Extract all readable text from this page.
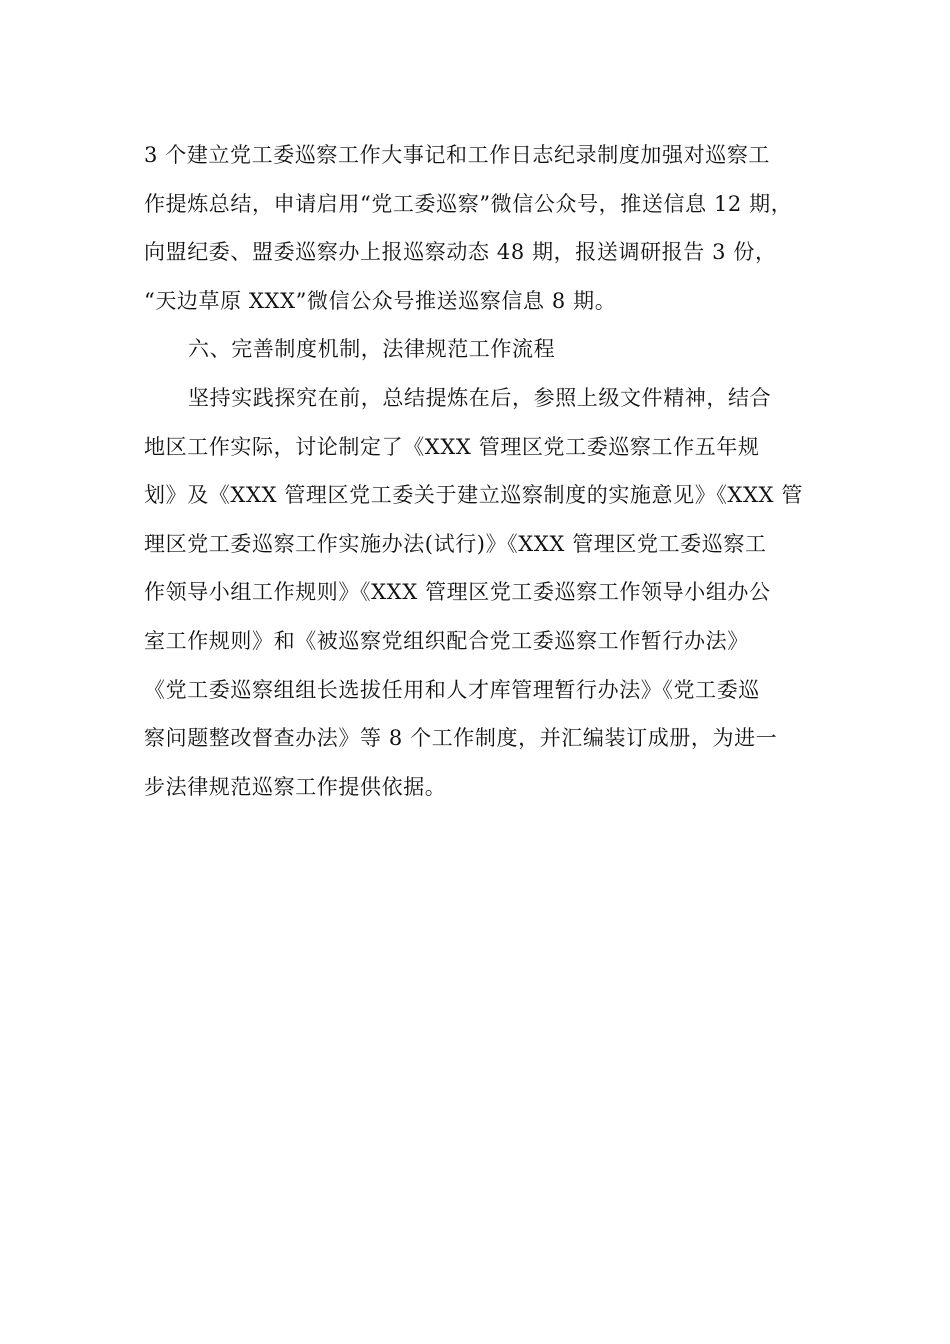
3 个建立党工委巡察工作大事记和工作日志纪录制度加强对巡察工
作提炼总结，申请启用“党工委巡察”微信公众号，推送信息 12 期，
向盟纪委、盟委巡察办上报巡察动态 48 期，报送调研报告 3 份，
“天边草原 XXX”微信公众号推送巡察信息 8 期。
六、完善制度机制，法律规范工作流程
坚持实践探究在前，总结提炼在后，参照上级文件精神，结合
地区工作实际，讨论制定了《XXX 管理区党工委巡察工作五年规
划》及《XXX 管理区党工委关于建立巡察制度的实施意见》《XXX 管
理区党工委巡察工作实施办法(试行)》《XXX 管理区党工委巡察工
作领导小组工作规则》《XXX 管理区党工委巡察工作领导小组办公
室工作规则》和《被巡察党组织配合党工委巡察工作暂行办法》
《党工委巡察组组长选拔任用和人才库管理暂行办法》《党工委巡
察问题整改督查办法》等 8 个工作制度，并汇编装订成册，为进一
步法律规范巡察工作提供依据。
